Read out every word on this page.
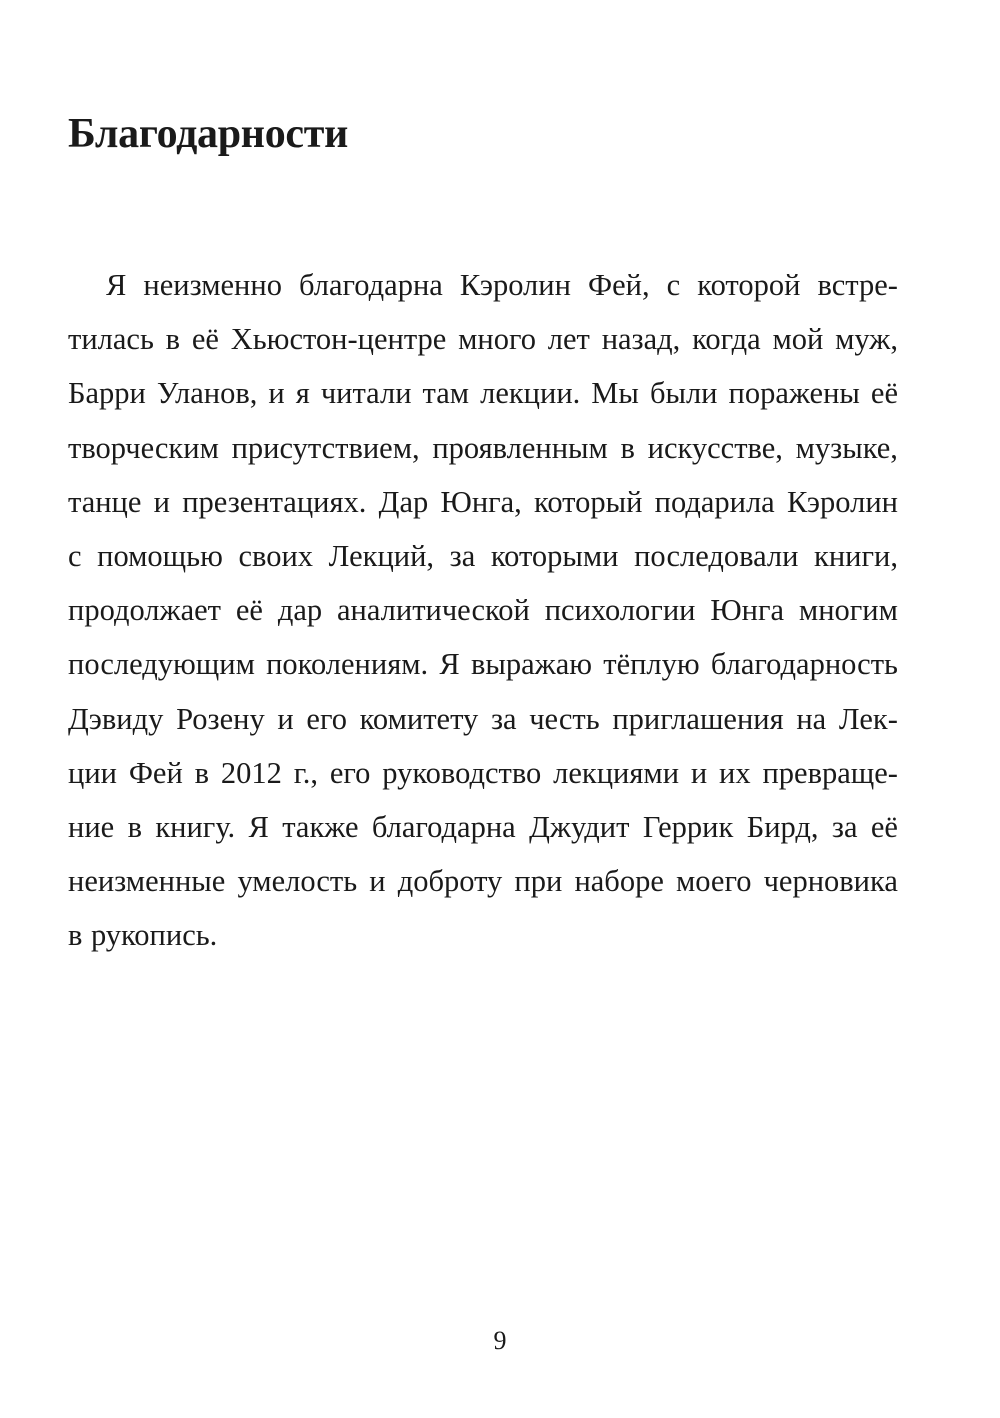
Благодарности
Я неизменно благодарна Кэролин Фей, с которой встре-
тилась в её Хьюстон-центре много лет назад, когда мой муж,
Барри Уланов, и я читали там лекции. Мы были поражены её
творческим присутствием, проявленным в искусстве, музыке,
танце и презентациях. Дар Юнга, который подарила Кэролин
с помощью своих Лекций, за которыми последовали книги,
продолжает её дар аналитической психологии Юнга многим
последующим поколениям. Я выражаю тёплую благодарность
Дэвиду Розену и его комитету за честь приглашения на Лек-
ции Фей в 2012 г., его руководство лекциями и их превраще-
ние в книгу. Я также благодарна Джудит Геррик Бирд, за её
неизменные умелость и доброту при наборе моего черновика
в рукопись.
9
